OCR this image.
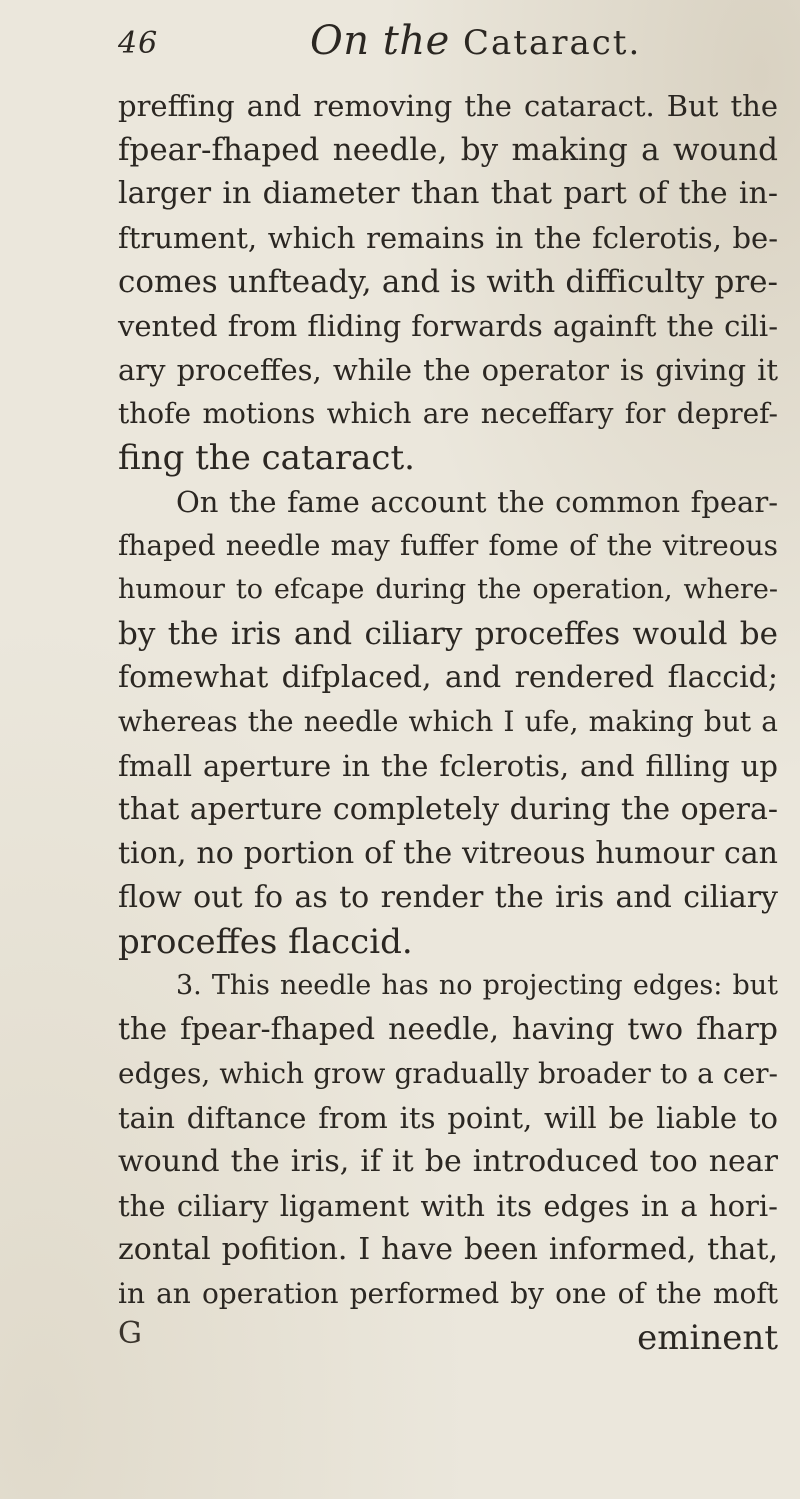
46	On the Cataract.
preffing and removing the cataract. But the
fpear-fhaped needle, by making a wound
larger in diameter than that part of the in-
ftrument, which remains in the fclerotis, be-
comes unfteady, and is with difficulty pre-
vented from fliding forwards againft the cili-
ary proceffes, while the operator is giving it
thofe motions which are neceffary for depref-
fing the cataract.
On the fame account the common fpear-
fhaped needle may fuffer fome of the vitreous
humour to efcape during the operation, where-
by the iris and ciliary proceffes would be
fomewhat difplaced, and rendered flaccid;
whereas the needle which I ufe, making but a
fmall aperture in the fclerotis, and filling up
that aperture completely during the opera-
tion, no portion of the vitreous humour can
flow out fo as to render the iris and ciliary
proceffes flaccid.
3. This needle has no projecting edges: but
the fpear-fhaped needle, having two fharp
edges, which grow gradually broader to a cer-
tain diftance from its point, will be liable to
wound the iris, if it be introduced too near
the ciliary ligament with its edges in a hori-
zontal pofition. I have been informed, that,
in an operation performed by one of the moft
eminent
G
